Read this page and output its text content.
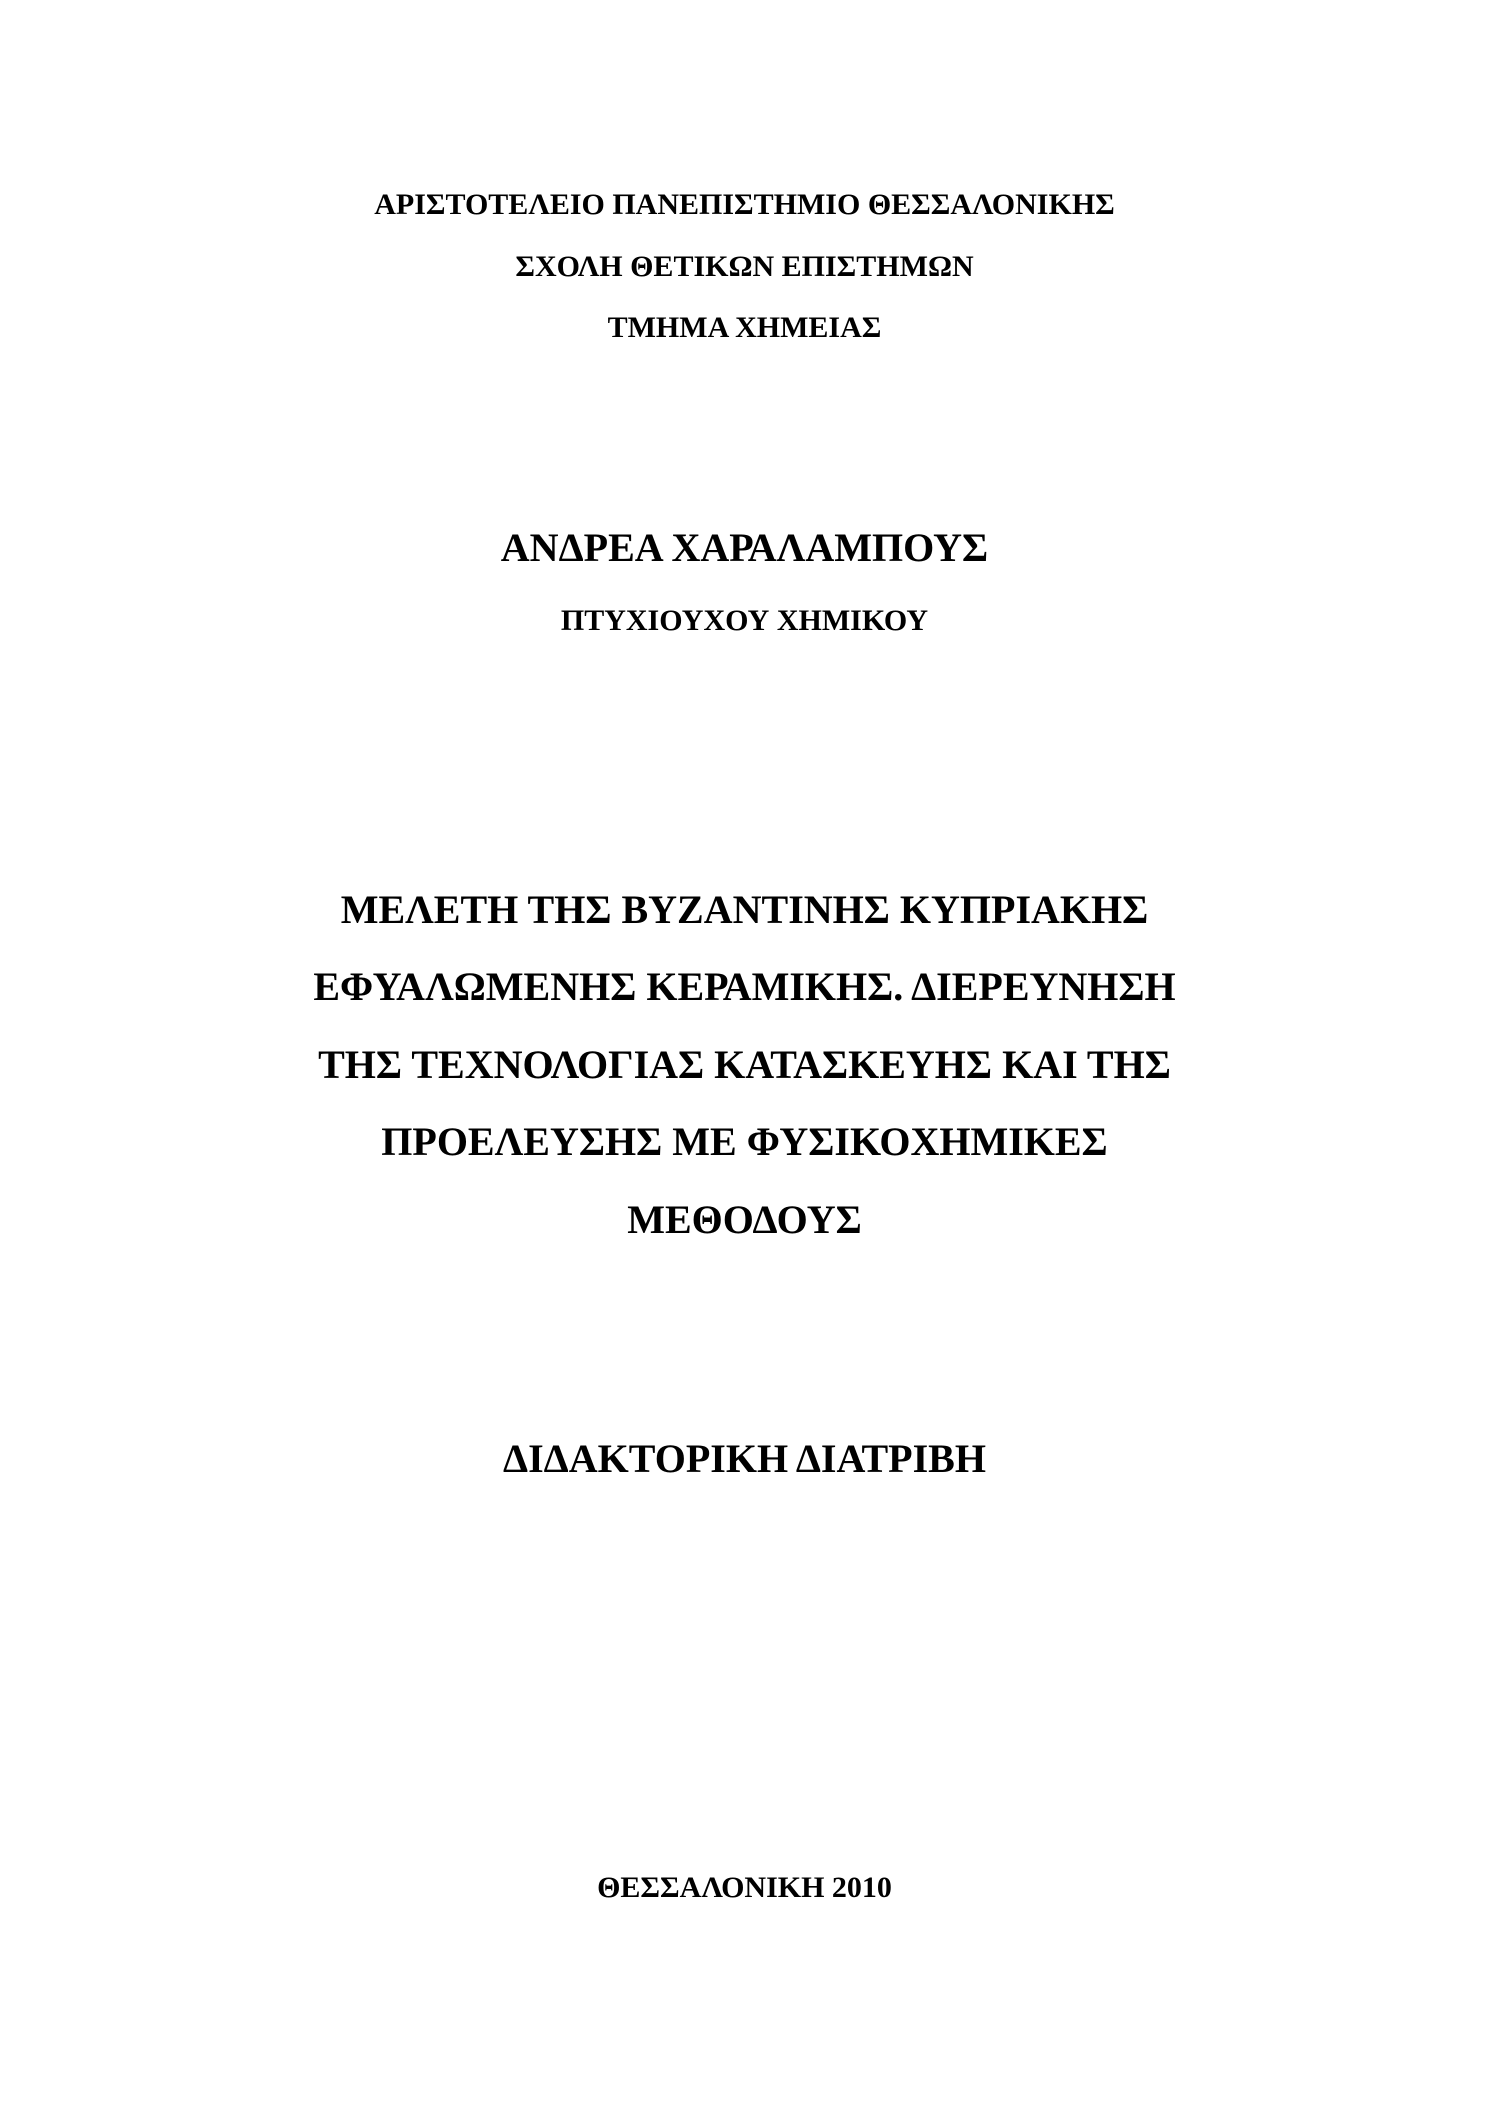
ΑΡΙΣΤΟΤΕΛΕΙΟ ΠΑΝΕΠΙΣΤΗΜΙΟ ΘΕΣΣΑΛΟΝΙΚΗΣ
ΣΧΟΛΗ ΘΕΤΙΚΩΝ ΕΠΙΣΤΗΜΩΝ
ΤΜΗΜΑ ΧΗΜΕΙΑΣ
ΑΝΔΡΕΑ ΧΑΡΑΛΑΜΠΟΥΣ
ΠΤΥΧΙΟΥΧΟΥ ΧΗΜΙΚΟΥ
ΜΕΛΕΤΗ ΤΗΣ ΒΥΖΑΝΤΙΝΗΣ ΚΥΠΡΙΑΚΗΣ
ΕΦΥΑΛΩΜΕΝΗΣ ΚΕΡΑΜΙΚΗΣ. ΔΙΕΡΕΥΝΗΣΗ
ΤΗΣ ΤΕΧΝΟΛΟΓΙΑΣ ΚΑΤΑΣΚΕΥΗΣ ΚΑΙ ΤΗΣ
ΠΡΟΕΛΕΥΣΗΣ ΜΕ ΦΥΣΙΚΟΧΗΜΙΚΕΣ
ΜΕΘΟΔΟΥΣ
ΔΙΔΑΚΤΟΡΙΚΗ ΔΙΑΤΡΙΒΗ
ΘΕΣΣΑΛΟΝΙΚΗ 2010
